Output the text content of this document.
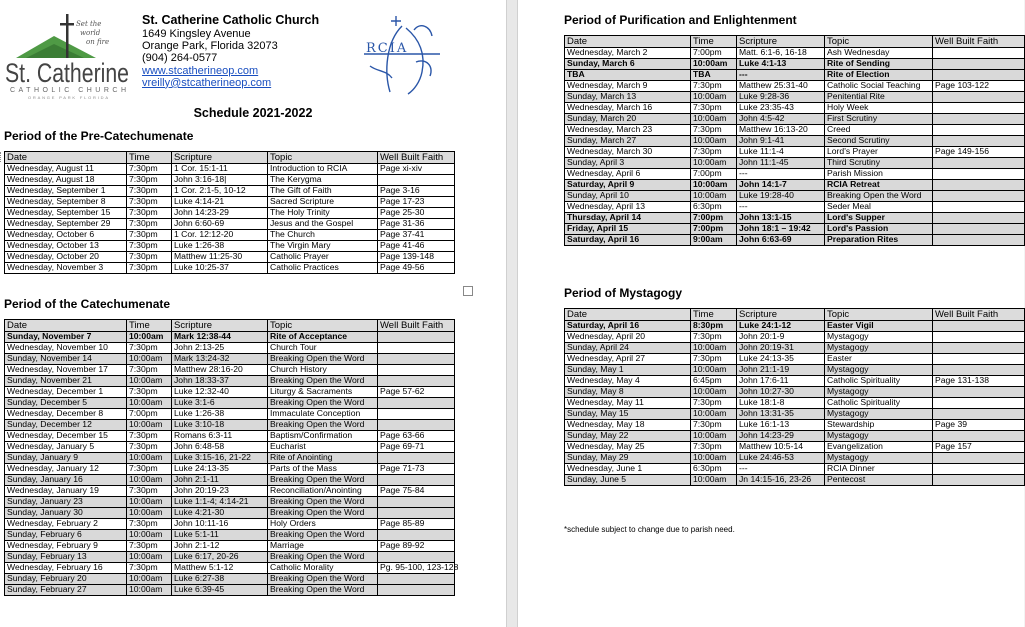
Set the
world
on fire
St. Catherine
CATHOLIC CHURCH
ORANGE PARK FLORIDA
St. Catherine Catholic Church
1649 Kingsley Avenue
Orange Park, Florida 32073
(904) 264-0577
www.stcatherineop.com
vreilly@stcatherineop.com
RCIA
Schedule 2021-2022
Period of the Pre-Catechumenate
Date	Time	Scripture	Topic	Well Built Faith
Wednesday, August 11	7:30pm	1 Cor. 15:1-11	Introduction to RCIA	Page xi-xiv
Wednesday, August 18	7:30pm	John 3:16-18|	The Kerygma	
Wednesday, September 1	7:30pm	1 Cor. 2:1-5, 10-12	The Gift of Faith	Page 3-16
Wednesday, September 8	7:30pm	Luke 4:14-21	Sacred Scripture	Page 17-23
Wednesday, September 15	7:30pm	John 14:23-29	The Holy Trinity	Page 25-30
Wednesday, September 29	7:30pm	John 6:60-69	Jesus and the Gospel	Page 31-36
Wednesday, October 6	7:30pm	1 Cor. 12:12-20	The Church	Page 37-41
Wednesday, October 13	7:30pm	Luke 1:26-38	The Virgin Mary	Page 41-46
Wednesday, October 20	7:30pm	Matthew 11:25-30	Catholic Prayer	Page 139-148
Wednesday, November 3	7:30pm	Luke 10:25-37	Catholic Practices	Page 49-56
Period of the Catechumenate
Date	Time	Scripture	Topic	Well Built Faith
Sunday, November 7	10:00am	Mark 12:38-44	Rite of Acceptance	
Wednesday, November 10	7:30pm	John 2:13-25	Church Tour	
Sunday, November 14	10:00am	Mark 13:24-32	Breaking Open the Word	
Wednesday, November 17	7:30pm	Matthew 28:16-20	Church History	
Sunday, November 21	10:00am	John 18:33-37	Breaking Open the Word	
Wednesday, December 1	7:30pm	Luke 12:32-40	Liturgy & Sacraments	Page 57-62
Sunday, December 5	10:00am	Luke 3:1-6	Breaking Open the Word	
Wednesday, December 8	7:00pm	Luke 1:26-38	Immaculate Conception	
Sunday, December 12	10:00am	Luke 3:10-18	Breaking Open the Word	
Wednesday, December 15	7:30pm	Romans 6:3-11	Baptism/Confirmation	Page 63-66
Wednesday, January 5	7:30pm	John 6:48-58	Eucharist	Page 69-71
Sunday, January 9	10:00am	Luke 3:15-16, 21-22	Rite of Anointing	
Wednesday, January 12	7:30pm	Luke 24:13-35	Parts of the Mass	Page 71-73
Sunday, January 16	10:00am	John 2:1-11	Breaking Open the Word	
Wednesday, January 19	7:30pm	John 20:19-23	Reconciliation/Anointing	Page 75-84
Sunday, January 23	10:00am	Luke 1:1-4; 4:14-21	Breaking Open the Word	
Sunday, January 30	10:00am	Luke 4:21-30	Breaking Open the Word	
Wednesday, February 2	7:30pm	John 10:11-16	Holy Orders	Page 85-89
Sunday, February 6	10:00am	Luke 5:1-11	Breaking Open the Word	
Wednesday, February 9	7:30pm	John 2:1-12	Marriage	Page 89-92
Sunday, February 13	10:00am	Luke 6:17, 20-26	Breaking Open the Word	
Wednesday, February 16	7:30pm	Matthew 5:1-12	Catholic Morality	Pg. 95-100, 123-128
Sunday, February 20	10:00am	Luke 6:27-38	Breaking Open the Word	
Sunday, February 27	10:00am	Luke 6:39-45	Breaking Open the Word	
Period of Purification and Enlightenment
Date	Time	Scripture	Topic	Well Built Faith
Wednesday, March 2	7:00pm	Matt. 6:1-6, 16-18	Ash Wednesday	
Sunday, March 6	10:00am	Luke 4:1-13	Rite of Sending	
TBA	TBA	---	Rite of Election	
Wednesday, March 9	7:30pm	Matthew 25:31-40	Catholic Social Teaching	Page 103-122
Sunday, March 13	10:00am	Luke 9:28-36	Penitential Rite	
Wednesday, March 16	7:30pm	Luke 23:35-43	Holy Week	
Sunday, March 20	10:00am	John 4:5-42	First Scrutiny	
Wednesday, March 23	7:30pm	Matthew 16:13-20	Creed	
Sunday, March 27	10:00am	John 9:1-41	Second Scrutiny	
Wednesday, March 30	7:30pm	Luke 11:1-4	Lord's Prayer	Page 149-156
Sunday, April 3	10:00am	John 11:1-45	Third Scrutiny	
Wednesday, April 6	7:00pm	---	Parish Mission	
Saturday, April 9	10:00am	John 14:1-7	RCIA Retreat	
Sunday, April 10	10:00am	Luke 19:28-40	Breaking Open the Word	
Wednesday, April 13	6:30pm	---	Seder Meal	
Thursday, April 14	7:00pm	John 13:1-15	Lord's Supper	
Friday, April 15	7:00pm	John 18:1 – 19:42	Lord's Passion	
Saturday, April 16	9:00am	John 6:63-69	Preparation Rites	
Period of Mystagogy
Date	Time	Scripture	Topic	Well Built Faith
Saturday, April 16	8:30pm	Luke 24:1-12	Easter Vigil	
Wednesday, April 20	7:30pm	John 20:1-9	Mystagogy	
Sunday, April 24	10:00am	John 20:19-31	Mystagogy	
Wednesday, April 27	7:30pm	Luke 24:13-35	Easter	
Sunday, May 1	10:00am	John 21:1-19	Mystagogy	
Wednesday, May 4	6:45pm	John 17:6-11	Catholic Spirituality	Page 131-138
Sunday, May 8	10:00am	John 10:27-30	Mystagogy	
Wednesday, May 11	7:30pm	Luke 18:1-8	Catholic Spirituality	
Sunday, May 15	10:00am	John 13:31-35	Mystagogy	
Wednesday, May 18	7:30pm	Luke 16:1-13	Stewardship	Page 39
Sunday, May 22	10:00am	John 14:23-29	Mystagogy	
Wednesday, May 25	7:30pm	Matthew 10:5-14	Evangelization	Page 157
Sunday, May 29	10:00am	Luke 24:46-53	Mystagogy	
Wednesday, June 1	6:30pm	---	RCIA Dinner	
Sunday, June 5	10:00am	Jn 14:15-16, 23-26	Pentecost	
*schedule subject to change due to parish need.
